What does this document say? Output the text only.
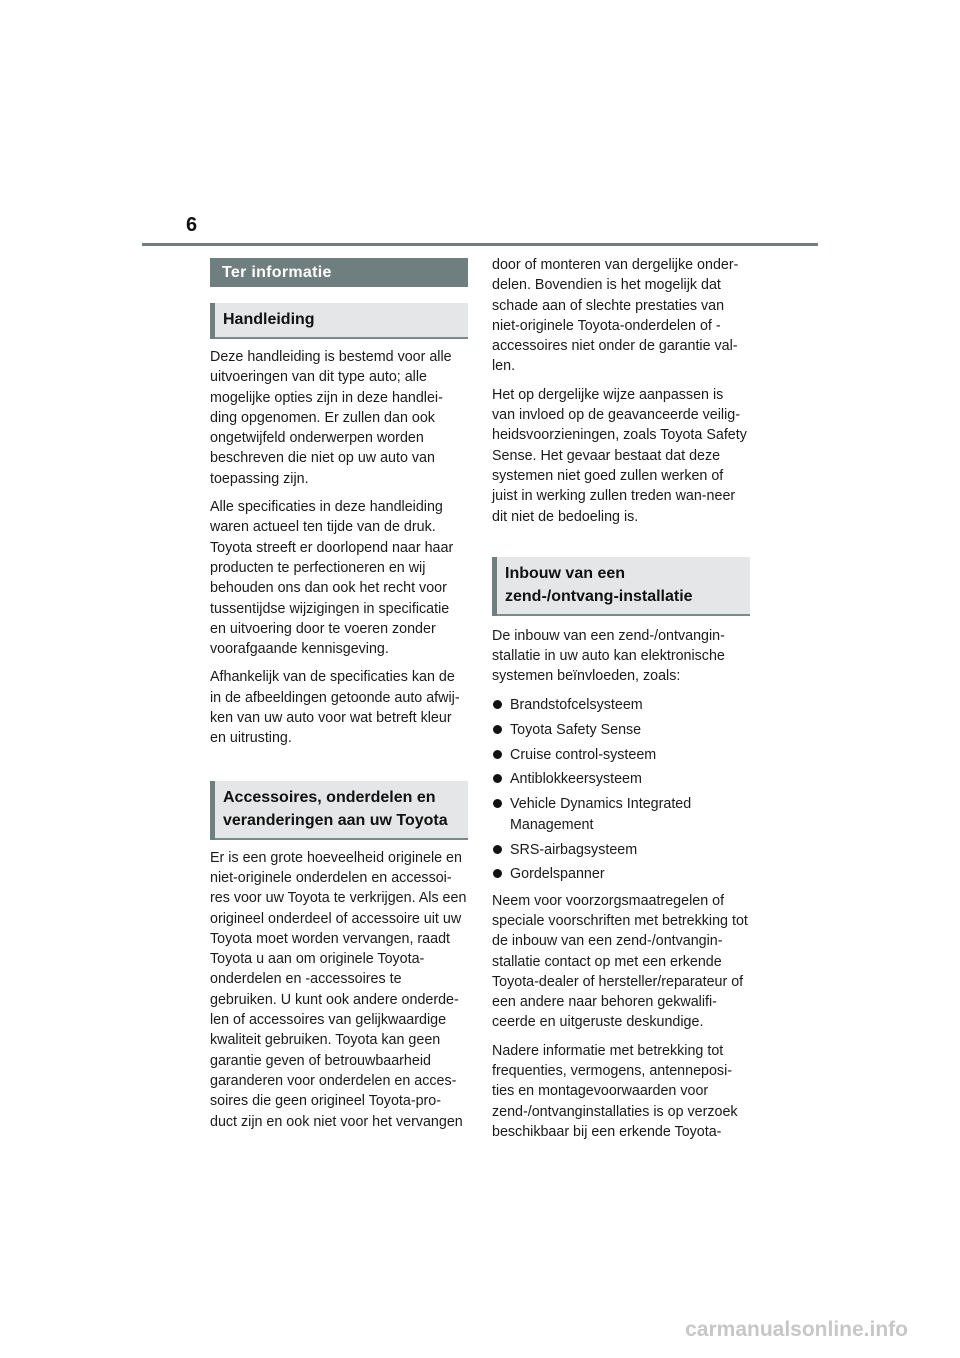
6
Ter informatie
Handleiding

Deze handleiding is bestemd voor alle uitvoeringen van dit type auto; alle mogelijke opties zijn in deze handlei-ding opgenomen. Er zullen dan ook ongetwijfeld onderwerpen worden beschreven die niet op uw auto van toepassing zijn.

Alle specificaties in deze handleiding waren actueel ten tijde van de druk. Toyota streeft er doorlopend naar haar producten te perfectioneren en wij behouden ons dan ook het recht voor tussentijdse wijzigingen in specificatie en uitvoering door te voeren zonder voorafgaande kennisgeving.

Afhankelijk van de specificaties kan de in de afbeeldingen getoonde auto afwij-ken van uw auto voor wat betreft kleur en uitrusting.

Accessoires, onderdelen en veranderingen aan uw Toyota

Er is een grote hoeveelheid originele en niet-originele onderdelen en accessoi-res voor uw Toyota te verkrijgen. Als een origineel onderdeel of accessoire uit uw Toyota moet worden vervangen, raadt Toyota u aan om originele Toyota-onderdelen en -accessoires te gebruiken. U kunt ook andere onderde-len of accessoires van gelijkwaardige kwaliteit gebruiken. Toyota kan geen garantie geven of betrouwbaarheid garanderen voor onderdelen en acces-soires die geen origineel Toyota-pro-duct zijn en ook niet voor het vervangen

door of monteren van dergelijke onder-delen. Bovendien is het mogelijk dat schade aan of slechte prestaties van niet-originele Toyota-onderdelen of -accessoires niet onder de garantie val-len.

Het op dergelijke wijze aanpassen is van invloed op de geavanceerde veilig-heidsvoorzieningen, zoals Toyota Safety Sense. Het gevaar bestaat dat deze systemen niet goed zullen werken of juist in werking zullen treden wan-neer dit niet de bedoeling is.

Inbouw van een zend-/ontvang-installatie

De inbouw van een zend-/ontvangin-stallatie in uw auto kan elektronische systemen beïnvloeden, zoals:

Brandstofcelsysteem
Toyota Safety Sense
Cruise control-systeem
Antiblokkeersysteem
Vehicle Dynamics Integrated Management
SRS-airbagsysteem
Gordelspanner

Neem voor voorzorgsmaatregelen of speciale voorschriften met betrekking tot de inbouw van een zend-/ontvangin-stallatie contact op met een erkende Toyota-dealer of hersteller/reparateur of een andere naar behoren gekwalifi-ceerde en uitgeruste deskundige.

Nadere informatie met betrekking tot frequenties, vermogens, antenneposi-ties en montagevoorwaarden voor zend-/ontvanginstallaties is op verzoek beschikbaar bij een erkende Toyota-

carmanualsonline.info
